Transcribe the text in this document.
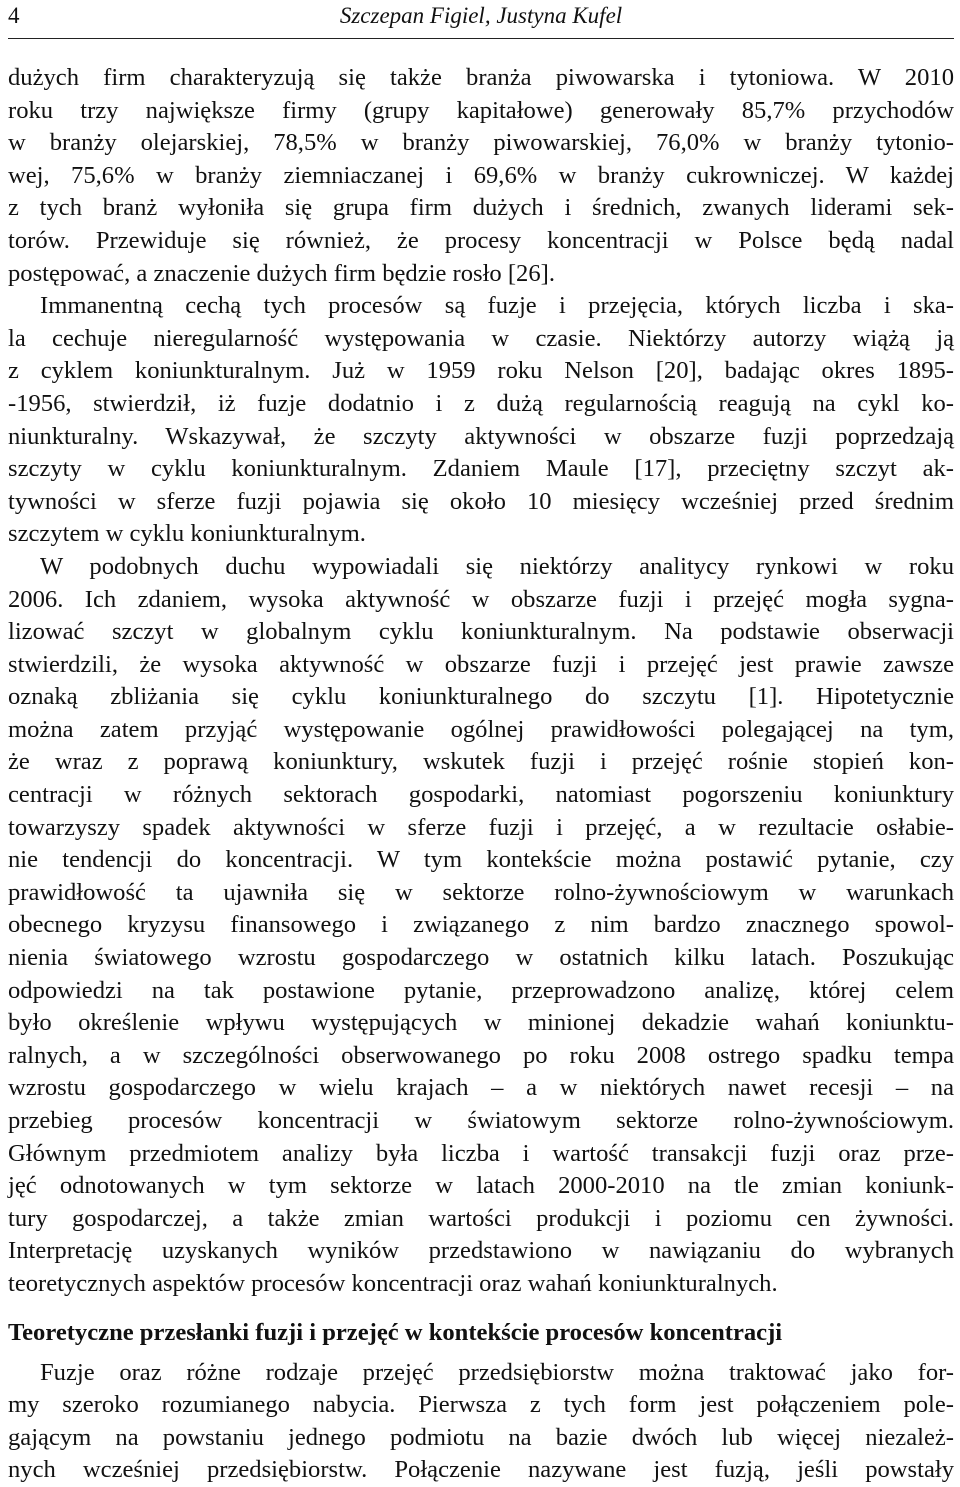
4	Szczepan Figiel, Justyna Kufel
dużych firm charakteryzują się także branża piwowarska i tytoniowa. W 2010
roku trzy największe firmy (grupy kapitałowe) generowały 85,7% przychodów
w branży olejarskiej, 78,5% w branży piwowarskiej, 76,0% w branży tytonio-
wej, 75,6% w branży ziemniaczanej i 69,6% w branży cukrowniczej. W każdej
z tych branż wyłoniła się grupa firm dużych i średnich, zwanych liderami sek-
torów. Przewiduje się również, że procesy koncentracji w Polsce będą nadal
postępować, a znaczenie dużych firm będzie rosło [26].
Immanentną cechą tych procesów są fuzje i przejęcia, których liczba i ska-
la cechuje nieregularność występowania w czasie. Niektórzy autorzy wiążą ją
z cyklem koniunkturalnym. Już w 1959 roku Nelson [20], badając okres 1895-
-1956, stwierdził, iż fuzje dodatnio i z dużą regularnością reagują na cykl ko-
niunkturalny. Wskazywał, że szczyty aktywności w obszarze fuzji poprzedzają
szczyty w cyklu koniunkturalnym. Zdaniem Maule [17], przeciętny szczyt ak-
tywności w sferze fuzji pojawia się około 10 miesięcy wcześniej przed średnim
szczytem w cyklu koniunkturalnym.
W podobnych duchu wypowiadali się niektórzy analitycy rynkowi w roku
2006. Ich zdaniem, wysoka aktywność w obszarze fuzji i przejęć mogła sygna-
lizować szczyt w globalnym cyklu koniunkturalnym. Na podstawie obserwacji
stwierdzili, że wysoka aktywność w obszarze fuzji i przejęć jest prawie zawsze
oznaką zbliżania się cyklu koniunkturalnego do szczytu [1]. Hipotetycznie
można zatem przyjąć występowanie ogólnej prawidłowości polegającej na tym,
że wraz z poprawą koniunktury, wskutek fuzji i przejęć rośnie stopień kon-
centracji w różnych sektorach gospodarki, natomiast pogorszeniu koniunktury
towarzyszy spadek aktywności w sferze fuzji i przejęć, a w rezultacie osłabie-
nie tendencji do koncentracji. W tym kontekście można postawić pytanie, czy
prawidłowość ta ujawniła się w sektorze rolno-żywnościowym w warunkach
obecnego kryzysu finansowego i związanego z nim bardzo znacznego spowol-
nienia światowego wzrostu gospodarczego w ostatnich kilku latach. Poszukując
odpowiedzi na tak postawione pytanie, przeprowadzono analizę, której celem
było określenie wpływu występujących w minionej dekadzie wahań koniunktu-
ralnych, a w szczególności obserwowanego po roku 2008 ostrego spadku tempa
wzrostu gospodarczego w wielu krajach – a w niektórych nawet recesji – na
przebieg procesów koncentracji w światowym sektorze rolno-żywnościowym.
Głównym przedmiotem analizy była liczba i wartość transakcji fuzji oraz prze-
jęć odnotowanych w tym sektorze w latach 2000-2010 na tle zmian koniunk-
tury gospodarczej, a także zmian wartości produkcji i poziomu cen żywności.
Interpretację uzyskanych wyników przedstawiono w nawiązaniu do wybranych
teoretycznych aspektów procesów koncentracji oraz wahań koniunkturalnych.
Teoretyczne przesłanki fuzji i przejęć w kontekście procesów koncentracji
Fuzje oraz różne rodzaje przejęć przedsiębiorstw można traktować jako for-
my szeroko rozumianego nabycia. Pierwsza z tych form jest połączeniem pole-
gającym na powstaniu jednego podmiotu na bazie dwóch lub więcej niezależ-
nych wcześniej przedsiębiorstw. Połączenie nazywane jest fuzją, jeśli powstały
